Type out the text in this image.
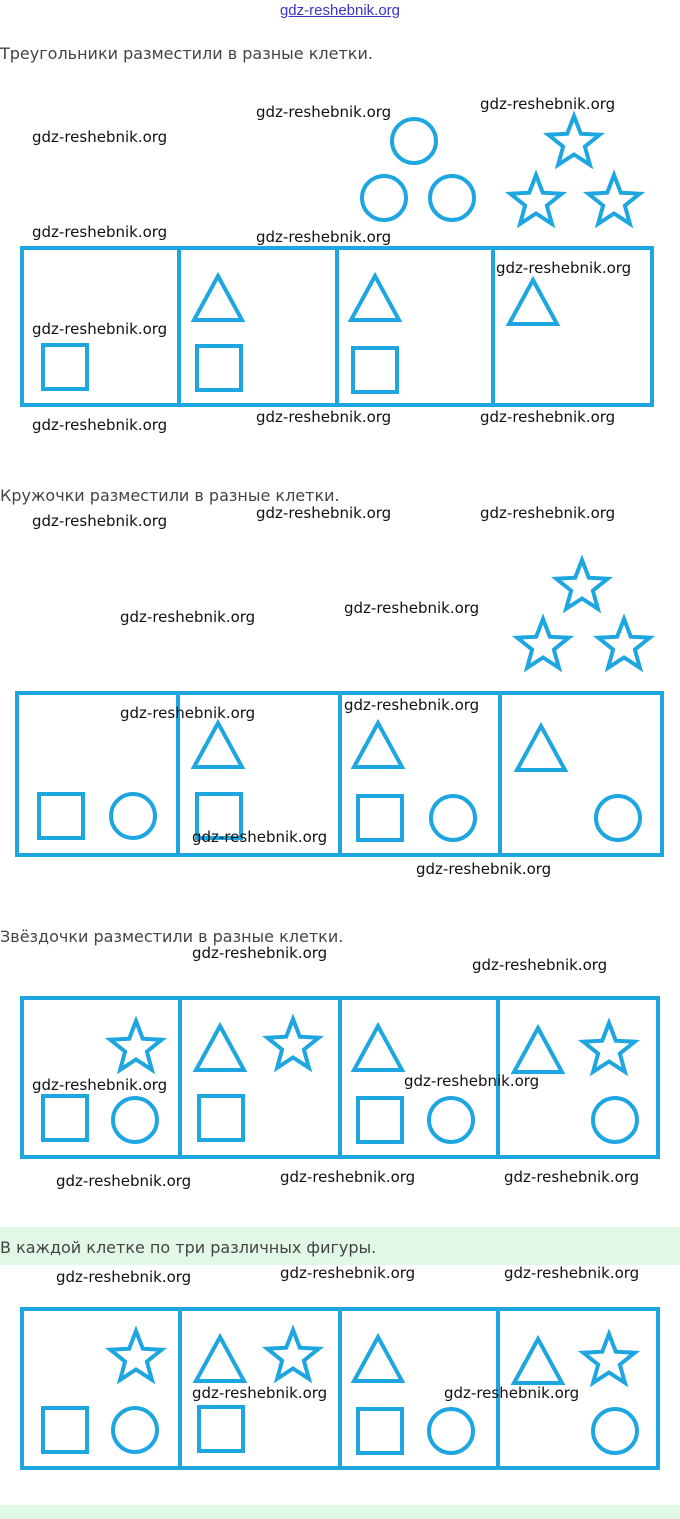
gdz-reshebnik.org
Треугольники разместили в разные клетки.
Кружочки разместили в разные клетки.
Звёздочки разместили в разные клетки.
В каждой клетке по три различных фигуры.
gdz-reshebnik.org
gdz-reshebnik.org	gdz-reshebnik.org
gdz-reshebnik.org	gdz-reshebnik.org
gdz-reshebnik.org
gdz-reshebnik.org
gdz-reshebnik.org	gdz-reshebnik.org	gdz-reshebnik.org
gdz-reshebnik.org	gdz-reshebnik.org	gdz-reshebnik.org
gdz-reshebnik.org	gdz-reshebnik.org
gdz-reshebnik.org	gdz-reshebnik.org
gdz-reshebnik.org
gdz-reshebnik.org
gdz-reshebnik.org
gdz-reshebnik.org
gdz-reshebnik.org	gdz-reshebnik.org
gdz-reshebnik.org	gdz-reshebnik.org	gdz-reshebnik.org
gdz-reshebnik.org	gdz-reshebnik.org	gdz-reshebnik.org
gdz-reshebnik.org	gdz-reshebnik.org
